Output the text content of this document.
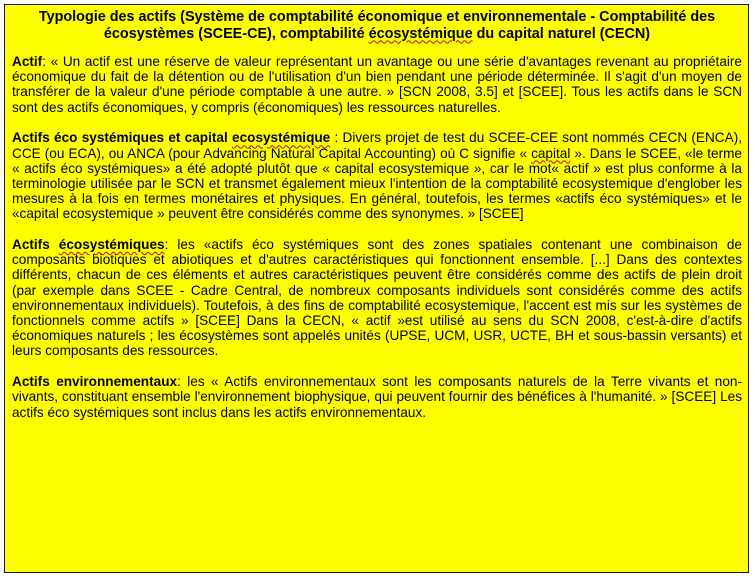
Typologie des actifs (Système de comptabilité économique et environnementale - Comptabilité des écosystèmes (SCEE-CE), comptabilité écosystémique du capital naturel (CECN)
Actif: « Un actif est une réserve de valeur représentant un avantage ou une série d'avantages revenant au propriétaire économique du fait de la détention ou de l'utilisation d'un bien pendant une période déterminée. Il s'agit d'un moyen de transférer de la valeur d'une période comptable à une autre. » [SCN 2008, 3.5] et [SCEE]. Tous les actifs dans le SCN sont des actifs économiques, y compris (économiques) les ressources naturelles.
Actifs éco systémiques et capital ecosystémique : Divers projet de test du SCEE-CEE sont nommés CECN (ENCA), CCE (ou ECA), ou ANCA (pour Advancing Natural Capital Accounting) où C signifie « capital ». Dans le SCEE, «le terme « actifs éco systémiques» a été adopté plutôt que « capital ecosystemique », car le mot« actif » est plus conforme à la terminologie utilisée par le SCN et transmet également mieux l'intention de la comptabilité ecosystemique d'englober les mesures à la fois en termes monétaires et physiques. En général, toutefois, les termes «actifs éco systémiques» et le «capital ecosystemique » peuvent être considérés comme des synonymes. » [SCEE]
Actifs écosystémiques: les «actifs éco systémiques sont des zones spatiales contenant une combinaison de composants biotiques et abiotiques et d'autres caractéristiques qui fonctionnent ensemble. [...] Dans des contextes différents, chacun de ces éléments et autres caractéristiques peuvent être considérés comme des actifs de plein droit (par exemple dans SCEE - Cadre Central, de nombreux composants individuels sont considérés comme des actifs environnementaux individuels). Toutefois, à des fins de comptabilité ecosystemique, l'accent est mis sur les systèmes de fonctionnels comme actifs » [SCEE] Dans la CECN, « actif »est utilisé au sens du SCN 2008, c'est-à-dire d'actifs économiques naturels ; les écosystèmes sont appelés unités (UPSE, UCM, USR, UCTE, BH et sous-bassin versants) et leurs composants des ressources.
Actifs environnementaux: les « Actifs environnementaux sont les composants naturels de la Terre vivants et non-vivants, constituant ensemble l'environnement biophysique, qui peuvent fournir des bénéfices à l'humanité. » [SCEE] Les actifs éco systémiques sont inclus dans les actifs environnementaux.
